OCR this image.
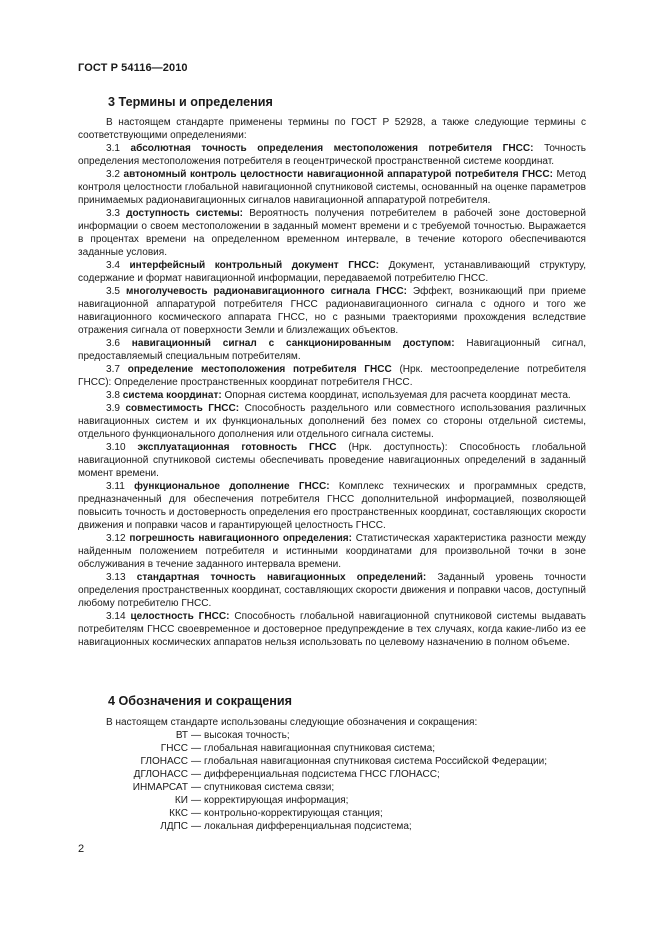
ГОСТ Р 54116—2010
3 Термины и определения

В настоящем стандарте применены термины по ГОСТ Р 52928, а также следующие термины с соответствующими определениями:

3.1 абсолютная точность определения местоположения потребителя ГНСС: Точность определения местоположения потребителя в геоцентрической пространственной системе координат.

3.2 автономный контроль целостности навигационной аппаратурой потребителя ГНСС: Метод контроля целостности глобальной навигационной спутниковой системы, основанный на оценке параметров принимаемых радионавигационных сигналов навигационной аппаратурой потребителя.

3.3 доступность системы: Вероятность получения потребителем в рабочей зоне достоверной информации о своем местоположении в заданный момент времени и с требуемой точностью. Выражается в процентах времени на определенном временном интервале, в течение которого обеспечиваются заданные условия.

3.4 интерфейсный контрольный документ ГНСС: Документ, устанавливающий структуру, содержание и формат навигационной информации, передаваемой потребителю ГНСС.

3.5 многолучевость радионавигационного сигнала ГНСС: Эффект, возникающий при приеме навигационной аппаратурой потребителя ГНСС радионавигационного сигнала с одного и того же навигационного космического аппарата ГНСС, но с разными траекториями прохождения вследствие отражения сигнала от поверхности Земли и близлежащих объектов.

3.6 навигационный сигнал с санкционированным доступом: Навигационный сигнал, предоставляемый специальным потребителям.

3.7 определение местоположения потребителя ГНСС (Нрк. местоопределение потребителя ГНСС): Определение пространственных координат потребителя ГНСС.

3.8 система координат: Опорная система координат, используемая для расчета координат места.

3.9 совместимость ГНСС: Способность раздельного или совместного использования различных навигационных систем и их функциональных дополнений без помех со стороны отдельной системы, отдельного функционального дополнения или отдельного сигнала системы.

3.10 эксплуатационная готовность ГНСС (Нрк. доступность): Способность глобальной навигационной спутниковой системы обеспечивать проведение навигационных определений в заданный момент времени.

3.11 функциональное дополнение ГНСС: Комплекс технических и программных средств, предназначенный для обеспечения потребителя ГНСС дополнительной информацией, позволяющей повысить точность и достоверность определения его пространственных координат, составляющих скорости движения и поправки часов и гарантирующей целостность ГНСС.

3.12 погрешность навигационного определения: Статистическая характеристика разности между найденным положением потребителя и истинными координатами для произвольной точки в зоне обслуживания в течение заданного интервала времени.

3.13 стандартная точность навигационных определений: Заданный уровень точности определения пространственных координат, составляющих скорости движения и поправки часов, доступный любому потребителю ГНСС.

3.14 целостность ГНСС: Способность глобальной навигационной спутниковой системы выдавать потребителям ГНСС своевременное и достоверное предупреждение в тех случаях, когда какие-либо из ее навигационных космических аппаратов нельзя использовать по целевому назначению в полном объеме.

4 Обозначения и сокращения

В настоящем стандарте использованы следующие обозначения и сокращения:

ВТ — высокая точность;
ГНСС — глобальная навигационная спутниковая система;
ГЛОНАСС — глобальная навигационная спутниковая система Российской Федерации;
ДГЛОНАСС — дифференциальная подсистема ГНСС ГЛОНАСС;
ИНМАРСАТ — спутниковая система связи;
КИ — корректирующая информация;
ККС — контрольно-корректирующая станция;
ЛДПС — локальная дифференциальная подсистема;
2
